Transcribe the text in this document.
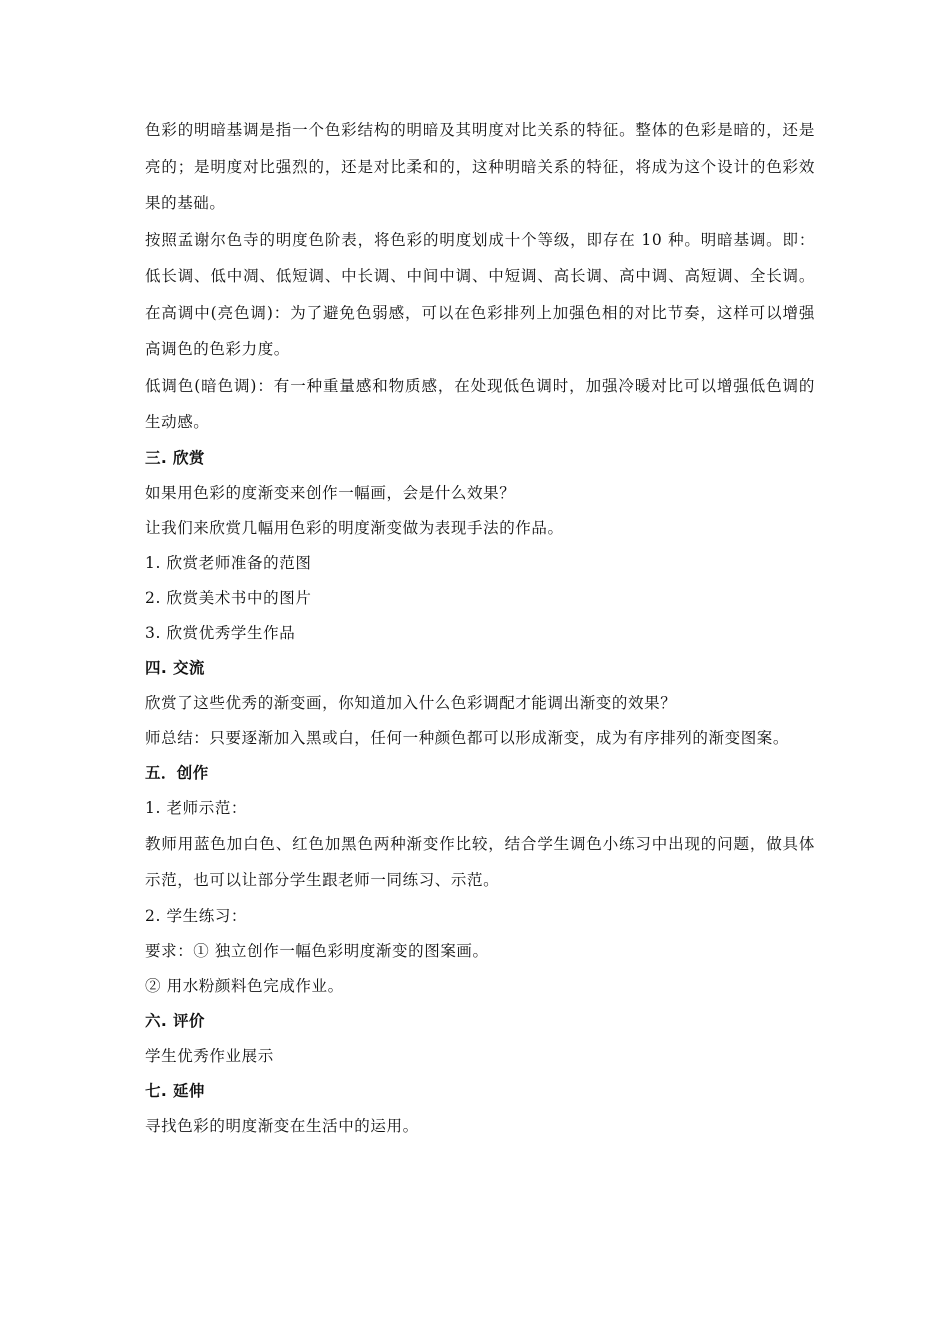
色彩的明暗基调是指一个色彩结构的明暗及其明度对比关系的特征。整体的色彩是暗的，还是亮的；是明度对比强烈的，还是对比柔和的，这种明暗关系的特征，将成为这个设计的色彩效果的基础。

按照孟谢尔色寺的明度色阶表，将色彩的明度划成十个等级，即存在 10 种。明暗基调。即：低长调、低中凋、低短调、中长调、中间中调、中短调、高长调、高中调、高短调、全长调。在高调中(亮色调)：为了避免色弱感，可以在色彩排列上加强色相的对比节奏，这样可以增强高调色的色彩力度。

低调色(暗色调)：有一种重量感和物质感，在处现低色调时，加强冷暖对比可以增强低色调的生动感。

三. 欣赏

如果用色彩的度渐变来创作一幅画，会是什么效果？

让我们来欣赏几幅用色彩的明度渐变做为表现手法的作品。

1. 欣赏老师准备的范图

2. 欣赏美术书中的图片

3. 欣赏优秀学生作品

四. 交流

欣赏了这些优秀的渐变画，你知道加入什么色彩调配才能调出渐变的效果？

师总结：只要逐渐加入黑或白，任何一种颜色都可以形成渐变，成为有序排列的渐变图案。

五．创作

1. 老师示范：

教师用蓝色加白色、红色加黑色两种渐变作比较，结合学生调色小练习中出现的问题，做具体示范，也可以让部分学生跟老师一同练习、示范。

2. 学生练习：

要求：① 独立创作一幅色彩明度渐变的图案画。

② 用水粉颜料色完成作业。

六. 评价

学生优秀作业展示

七. 延伸

寻找色彩的明度渐变在生活中的运用。
